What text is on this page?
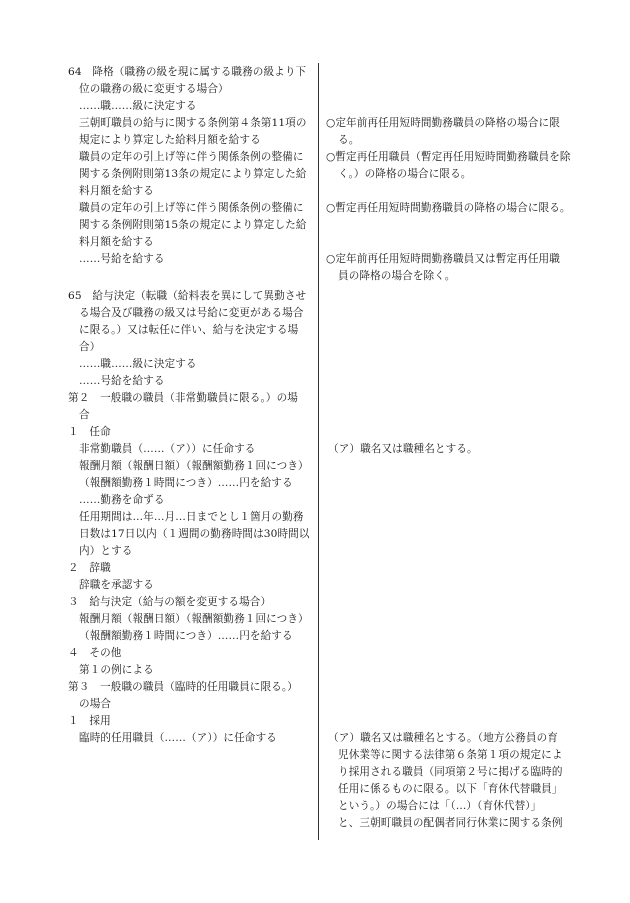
64　降格（職務の級を現に属する職務の級より下
位の職務の級に変更する場合）
……職……級に決定する
三朝町職員の給与に関する条例第４条第11項の
規定により算定した給料月額を給する
職員の定年の引上げ等に伴う関係条例の整備に
関する条例附則第13条の規定により算定した給
料月額を給する
職員の定年の引上げ等に伴う関係条例の整備に
関する条例附則第15条の規定により算定した給
料月額を給する
……号給を給する
65　給与決定（転職（給料表を異にして異動させ
る場合及び職務の級又は号給に変更がある場合
に限る。）又は転任に伴い、給与を決定する場
合）
……職……級に決定する
……号給を給する
第２　一般職の職員（非常勤職員に限る。）の場
合
１　任命
非常勤職員（……（ア））に任命する
報酬月額（報酬日額）（報酬額勤務１回につき）
（報酬額勤務１時間につき）……円を給する
……勤務を命ずる
任用期間は…年…月…日までとし１箇月の勤務
日数は17日以内（１週間の勤務時間は30時間以
内）とする
２　辞職
辞職を承認する
３　給与決定（給与の額を変更する場合）
報酬月額（報酬日額）（報酬額勤務１回につき）
（報酬額勤務１時間につき）……円を給する
４　その他
第１の例による
第３　一般職の職員（臨時的任用職員に限る。）
の場合
１　採用
臨時的任用職員（……（ア））に任命する
○定年前再任用短時間勤務職員の降格の場合に限
る。
○暫定再任用職員（暫定再任用短時間勤務職員を除
く。）の降格の場合に限る。
○暫定再任用短時間勤務職員の降格の場合に限る。
○定年前再任用短時間勤務職員又は暫定再任用職
員の降格の場合を除く。
（ア）職名又は職種名とする。
（ア）職名又は職種名とする。（地方公務員の育
児休業等に関する法律第６条第１項の規定によ
り採用される職員（同項第２号に掲げる臨時的
任用に係るものに限る。以下「育休代替職員」
という。）の場合には「（…）（育休代替）」
と、三朝町職員の配偶者同行休業に関する条例
